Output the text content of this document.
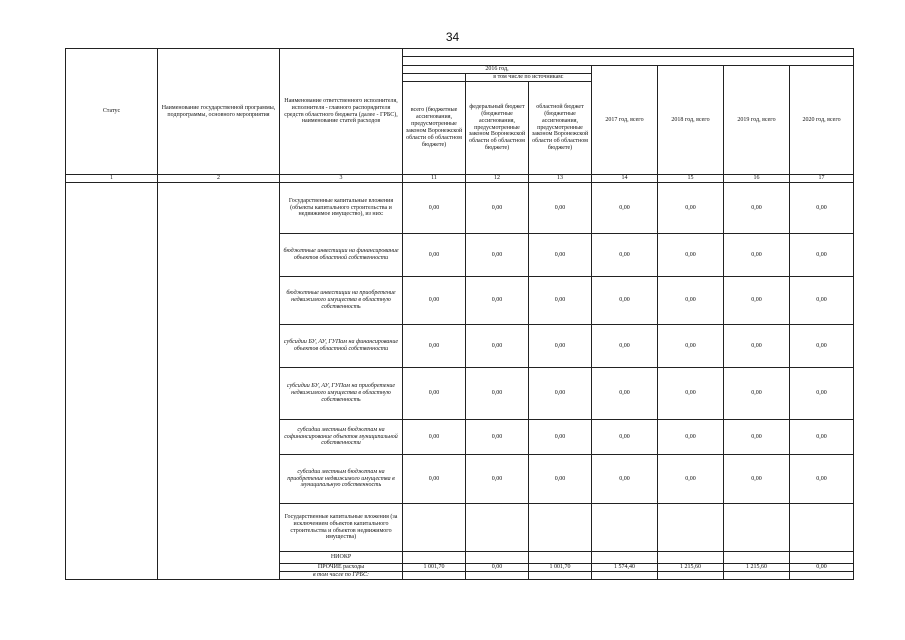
34
Статус	Наименование государственной программы, подпрограммы, основного мероприятия	Наименование ответственного исполнителя, исполнителя - главного распорядителя средств областного бюджета (далее - ГРБС), наименование статей расходов							

			2016 год,			2017 год, всего	2018 год, всего	2019 год, всего	2020 год, всего
				в том числе по источникам:					
			всего (бюджетные ассигнования, предусмотренные законом Воронежской области об областном бюджете)	федеральный бюджет (бюджетные ассигнования, предусмотренные законом Воронежской области об областном бюджете)	областной бюджет (бюджетные ассигнования, предусмотренные законом Воронежской области об областном бюджете)				
1	2	3	11	12	13	14	15	16	17
		Государственные капитальные вложения (объекты капитального строительства и недвижимое имущество), из них:	0,00	0,00	0,00	0,00	0,00	0,00	0,00
		бюджетные инвестиции на финансирование объектов областной собственности	0,00	0,00	0,00	0,00	0,00	0,00	0,00
		бюджетные инвестиции на приобретение недвижимого имущества в областную собственность	0,00	0,00	0,00	0,00	0,00	0,00	0,00
		субсидии БУ, АУ, ГУПам на финансирование объектов областной собственности	0,00	0,00	0,00	0,00	0,00	0,00	0,00
		субсидии БУ, АУ, ГУПам на приобретение недвижимого имущества в областную собственность	0,00	0,00	0,00	0,00	0,00	0,00	0,00
		субсидии местным бюджетам на софинансирование объектов муниципальной собственности	0,00	0,00	0,00	0,00	0,00	0,00	0,00
		субсидии местным бюджетам на приобретение недвижимого имущества в муниципальную собственность	0,00	0,00	0,00	0,00	0,00	0,00	0,00
		Государственные капитальные вложения (за исключением объектов капитального строительства и объектов недвижимого имущества)							
		НИОКР							
		ПРОЧИЕ расходы	1 001,70	0,00	1 001,70	1 574,40	1 215,60	1 215,60	0,00
		в том числе по ГРБС:							
